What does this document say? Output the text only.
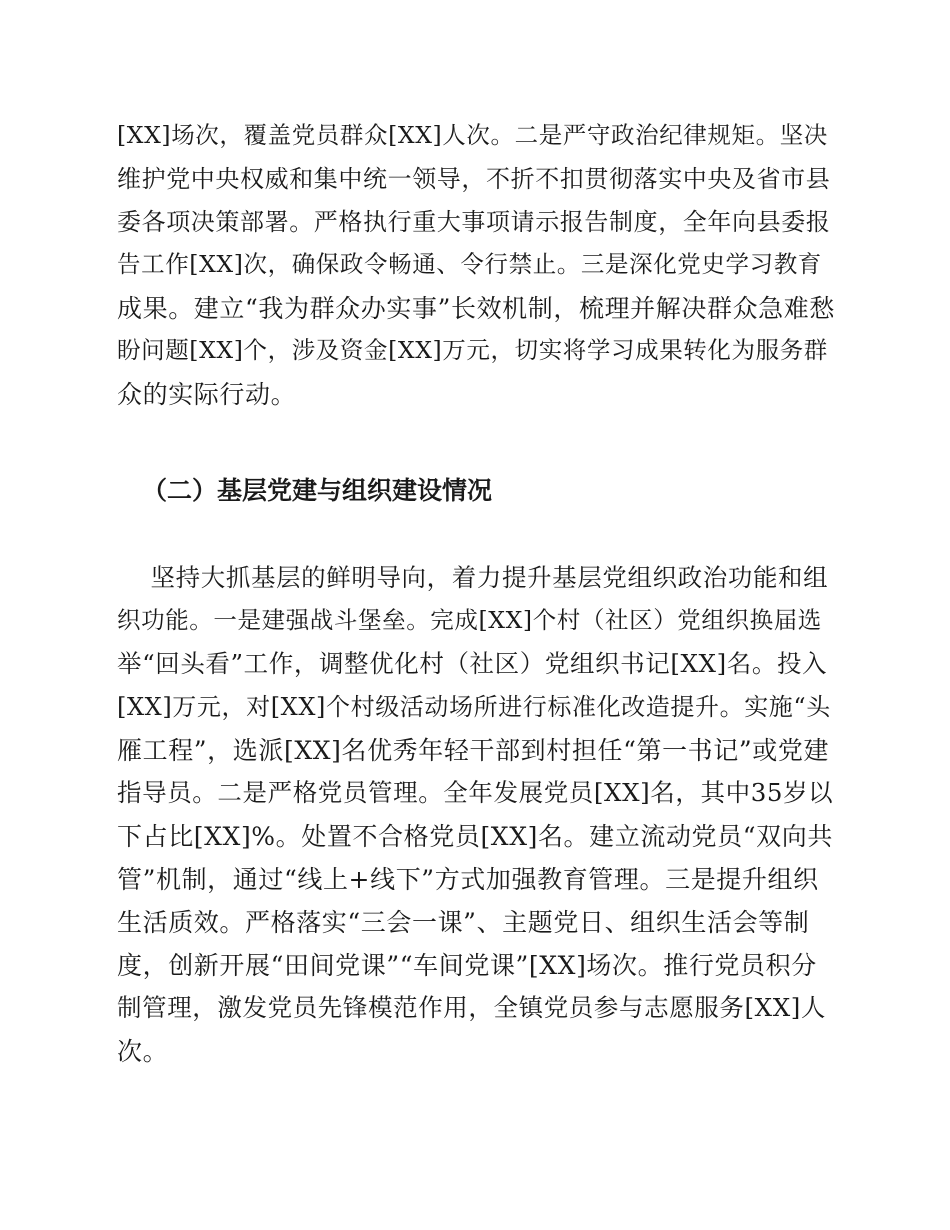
[XX]场次，覆盖党员群众[XX]人次。二是严守政治纪律规矩。坚决
维护党中央权威和集中统一领导，不折不扣贯彻落实中央及省市县
委各项决策部署。严格执行重大事项请示报告制度，全年向县委报
告工作[XX]次，确保政令畅通、令行禁止。三是深化党史学习教育
成果。建立“我为群众办实事”长效机制，梳理并解决群众急难愁
盼问题[XX]个，涉及资金[XX]万元，切实将学习成果转化为服务群
众的实际行动。
（二）基层党建与组织建设情况
坚持大抓基层的鲜明导向，着力提升基层党组织政治功能和组
织功能。一是建强战斗堡垒。完成[XX]个村（社区）党组织换届选
举“回头看”工作，调整优化村（社区）党组织书记[XX]名。投入
[XX]万元，对[XX]个村级活动场所进行标准化改造提升。实施“头
雁工程”，选派[XX]名优秀年轻干部到村担任“第一书记”或党建
指导员。二是严格党员管理。全年发展党员[XX]名，其中35岁以
下占比[XX]%。处置不合格党员[XX]名。建立流动党员“双向共
管”机制，通过“线上+线下”方式加强教育管理。三是提升组织
生活质效。严格落实“三会一课”、主题党日、组织生活会等制
度，创新开展“田间党课”“车间党课”[XX]场次。推行党员积分
制管理，激发党员先锋模范作用，全镇党员参与志愿服务[XX]人
次。
